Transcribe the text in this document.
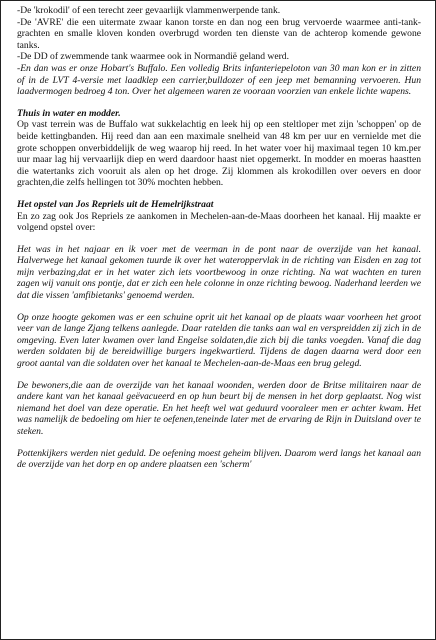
-De 'krokodil' of een terecht zeer gevaarlijk vlammenwerpende tank.

-De 'AVRE' die een uitermate zwaar kanon torste en dan nog een brug vervoerde waarmee anti-tank-grachten en smalle kloven konden overbrugd worden ten dienste van de achterop komende gewone tanks.

-De DD of zwemmende tank waarmee ook in Normandië geland werd.

-En dan was er onze Hobart's Buffalo. Een volledig Brits infanteriepeloton van 30 man kon er in zitten of in de LVT 4-versie met laadklep een carrier,bulldozer of een jeep met bemanning vervoeren. Hun laadvermogen bedroeg 4 ton. Over het algemeen waren ze vooraan voorzien van enkele lichte wapens.

Thuis in water en modder.

Op vast terrein was de Buffalo wat sukkelachtig en leek hij op een steltloper met zijn 'schoppen' op de beide kettingbanden. Hij reed dan aan een maximale snelheid van 48 km per uur en vernielde met die grote schoppen onverbiddelijk de weg waarop hij reed. In het water voer hij maximaal tegen 10 km.per uur maar lag hij vervaarlijk diep en werd daardoor haast niet opgemerkt. In modder en moeras haastten die watertanks zich vooruit als alen op het droge. Zij klommen als krokodillen over oevers en door grachten,die zelfs hellingen tot 30% mochten hebben.

Het opstel van Jos Repriels uit de Hemelrijkstraat

En zo zag ook Jos Repriels ze aankomen in Mechelen-aan-de-Maas doorheen het kanaal. Hij maakte er volgend opstel over:

Het was in het najaar en ik voer met de veerman in de pont naar de overzijde van het kanaal. Halverwege het kanaal gekomen tuurde ik over het wateroppervlak in de richting van Eisden en zag tot mijn verbazing,dat er in het water zich iets voortbewoog in onze richting. Na wat wachten en turen zagen wij vanuit ons pontje, dat er zich een hele colonne in onze richting bewoog. Naderhand leerden we dat die vissen 'amfibietanks' genoemd werden.

Op onze hoogte gekomen was er een schuine oprit uit het kanaal op de plaats waar voorheen het groot veer van de lange Zjang telkens aanlegde. Daar ratelden die tanks aan wal en verspreidden zij zich in de omgeving. Even later kwamen over land Engelse soldaten,die zich bij die tanks voegden. Vanaf die dag werden soldaten bij de bereidwillige burgers ingekwartierd. Tijdens de dagen daarna werd door een groot aantal van die soldaten over het kanaal te Mechelen-aan-de-Maas een brug gelegd.

De bewoners,die aan de overzijde van het kanaal woonden, werden door de Britse militairen naar de andere kant van het kanaal geëvacueerd en op hun beurt bij de mensen in het dorp geplaatst. Nog wist niemand het doel van deze operatie. En het heeft wel wat geduurd vooraleer men er achter kwam. Het was namelijk de bedoeling om hier te oefenen,teneinde later met de ervaring de Rijn in Duitsland over te steken.

Pottenkijkers werden niet geduld. De oefening moest geheim blijven. Daarom werd langs het kanaal aan de overzijde van het dorp en op andere plaatsen een 'scherm'
